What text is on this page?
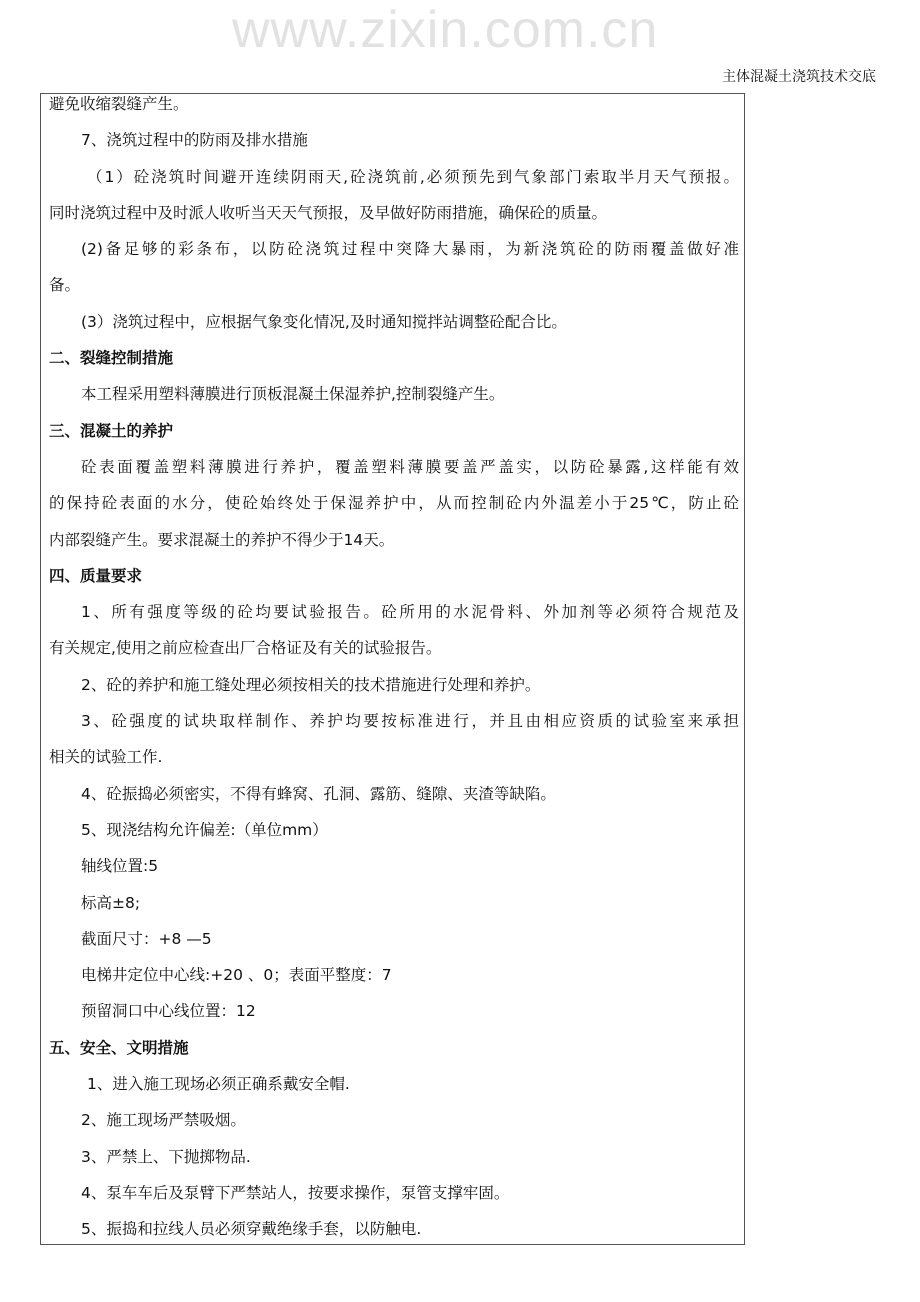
www.zixin.com.cn
主体混凝土浇筑技术交底
避免收缩裂缝产生。
7、浇筑过程中的防雨及排水措施
（1）砼浇筑时间避开连续阴雨天,砼浇筑前,必须预先到气象部门索取半月天气预报。
同时浇筑过程中及时派人收听当天天气预报，及早做好防雨措施，确保砼的质量。
(2)备足够的彩条布，以防砼浇筑过程中突降大暴雨，为新浇筑砼的防雨覆盖做好准
备。
(3）浇筑过程中，应根据气象变化情况,及时通知搅拌站调整砼配合比。
二、裂缝控制措施
本工程采用塑料薄膜进行顶板混凝土保湿养护,控制裂缝产生。
三、混凝土的养护
砼表面覆盖塑料薄膜进行养护，覆盖塑料薄膜要盖严盖实，以防砼暴露,这样能有效
的保持砼表面的水分，使砼始终处于保湿养护中，从而控制砼内外温差小于25℃，防止砼
内部裂缝产生。要求混凝土的养护不得少于14天。
四、质量要求
1、所有强度等级的砼均要试验报告。砼所用的水泥骨料、外加剂等必须符合规范及
有关规定,使用之前应检查出厂合格证及有关的试验报告。
2、砼的养护和施工缝处理必须按相关的技术措施进行处理和养护。
3、砼强度的试块取样制作、养护均要按标准进行，并且由相应资质的试验室来承担
相关的试验工作.
4、砼振捣必须密实，不得有蜂窝、孔洞、露筋、缝隙、夹渣等缺陷。
5、现浇结构允许偏差:（单位mm）
轴线位置:5
标高±8;
截面尺寸：+8 —5
电梯井定位中心线:+20 、0；表面平整度：7
预留洞口中心线位置：12
五、安全、文明措施
1、进入施工现场必须正确系戴安全帽.
2、施工现场严禁吸烟。
3、严禁上、下抛掷物品.
4、泵车车后及泵臂下严禁站人，按要求操作，泵管支撑牢固。
5、振捣和拉线人员必须穿戴绝缘手套，以防触电.
